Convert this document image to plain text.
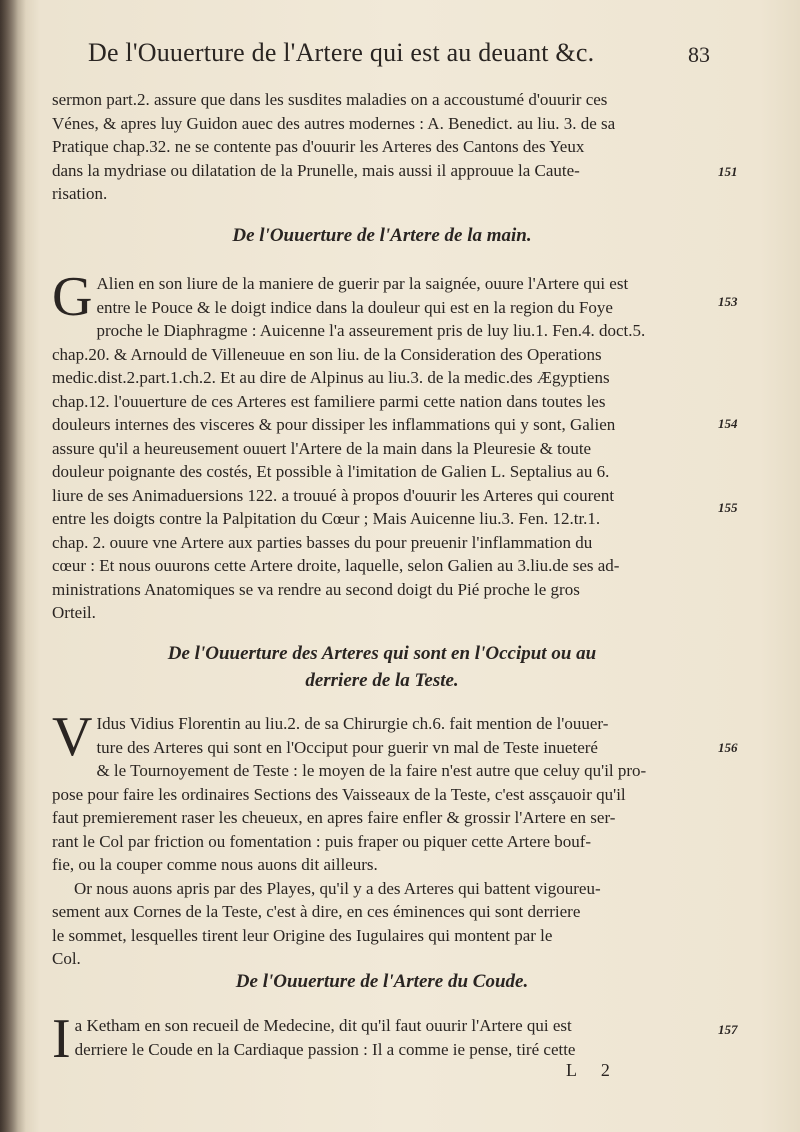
De l'Ouuerture de l'Artere qui est au deuant &c.	83
sermon part.2. assure que dans les susdites maladies on a accoustumé d'ouurir ces
Vénes, & apres luy Guidon auec des autres modernes : A. Benedict. au liu. 3. de sa
Pratique chap.32. ne se contente pas d'ouurir les Arteres des Cantons des Yeux
dans la mydriase ou dilatation de la Prunelle, mais aussi il approuue la Caute-
risation.
De l'Ouuerture de l'Artere de la main.
G Alien en son liure de la maniere de guerir par la saignée, ouure l'Artere qui est
entre le Pouce & le doigt indice dans la douleur qui est en la region du Foye
proche le Diaphragme : Auicenne l'a asseurement pris de luy liu.1. Fen.4. doct.5.
chap.20. & Arnould de Villeneuue en son liu. de la Consideration des Operations
medic.dist.2.part.1.ch.2. Et au dire de Alpinus au liu.3. de la medic.des Ægyptiens
chap.12. l'ouuerture de ces Arteres est familiere parmi cette nation dans toutes les
douleurs internes des visceres & pour dissiper les inflammations qui y sont, Galien
assure qu'il a heureusement ouuert l'Artere de la main dans la Pleuresie & toute
douleur poignante des costés, Et possible à l'imitation de Galien L. Septalius au 6.
liure de ses Animaduersions 122. a trouué à propos d'ouurir les Arteres qui courent
entre les doigts contre la Palpitation du Cœur ; Mais Auicenne liu.3. Fen. 12.tr.1.
chap. 2. ouure vne Artere aux parties basses du pour preuenir l'inflammation du
cœur : Et nous ouurons cette Artere droite, laquelle, selon Galien au 3.liu.de ses ad-
ministrations Anatomiques se va rendre au second doigt du Pié proche le gros
Orteil.
De l'Ouuerture des Arteres qui sont en l'Occiput ou au
derriere de la Teste.
V Idus Vidius Florentin au liu.2. de sa Chirurgie ch.6. fait mention de l'ouuer-
ture des Arteres qui sont en l'Occiput pour guerir vn mal de Teste inueteré
& le Tournoyement de Teste : le moyen de la faire n'est autre que celuy qu'il pro-
pose pour faire les ordinaires Sections des Vaisseaux de la Teste, c'est assçauoir qu'il
faut premierement raser les cheueux, en apres faire enfler & grossir l'Artere en ser-
rant le Col par friction ou fomentation : puis fraper ou piquer cette Artere bouf-
fie, ou la couper comme nous auons dit ailleurs.
Or nous auons apris par des Playes, qu'il y a des Arteres qui battent vigoureu-
sement aux Cornes de la Teste, c'est à dire, en ces éminences qui sont derriere
le sommet, lesquelles tirent leur Origine des Iugulaires qui montent par le
Col.
De l'Ouuerture de l'Artere du Coude.
I a Ketham en son recueil de Medecine, dit qu'il faut ouurir l'Artere qui est
derriere le Coude en la Cardiaque passion : Il a comme ie pense, tiré cette
L 2
151
153
154
155
156
157
